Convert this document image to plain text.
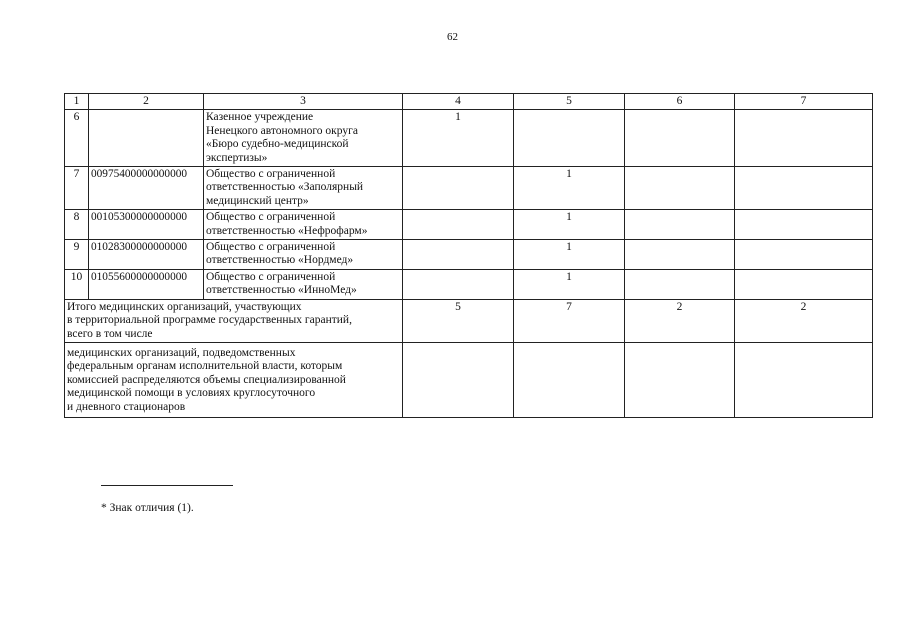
62
1	2	3	4	5	6	7
6		Казенное учреждение
Ненецкого автономного округа
«Бюро судебно-медицинской
экспертизы»	1			
7	00975400000000000	Общество с ограниченной
ответственностью «Заполярный
медицинский центр»		1		
8	00105300000000000	Общество с ограниченной
ответственностью «Нефрофарм»		1		
9	01028300000000000	Общество с ограниченной
ответственностью «Нордмед»		1		
10	01055600000000000	Общество с ограниченной
ответственностью «ИнноМед»		1		

Итого медицинских организаций, участвующих
в территориальной программе государственных гарантий,
всего в том числе			5	7	2	2

медицинских организаций, подведомственных
федеральным органам исполнительной власти, которым
комиссией распределяются объемы специализированной
медицинской помощи в условиях круглосуточного
и дневного стационаров						

* Знак отличия (1).
